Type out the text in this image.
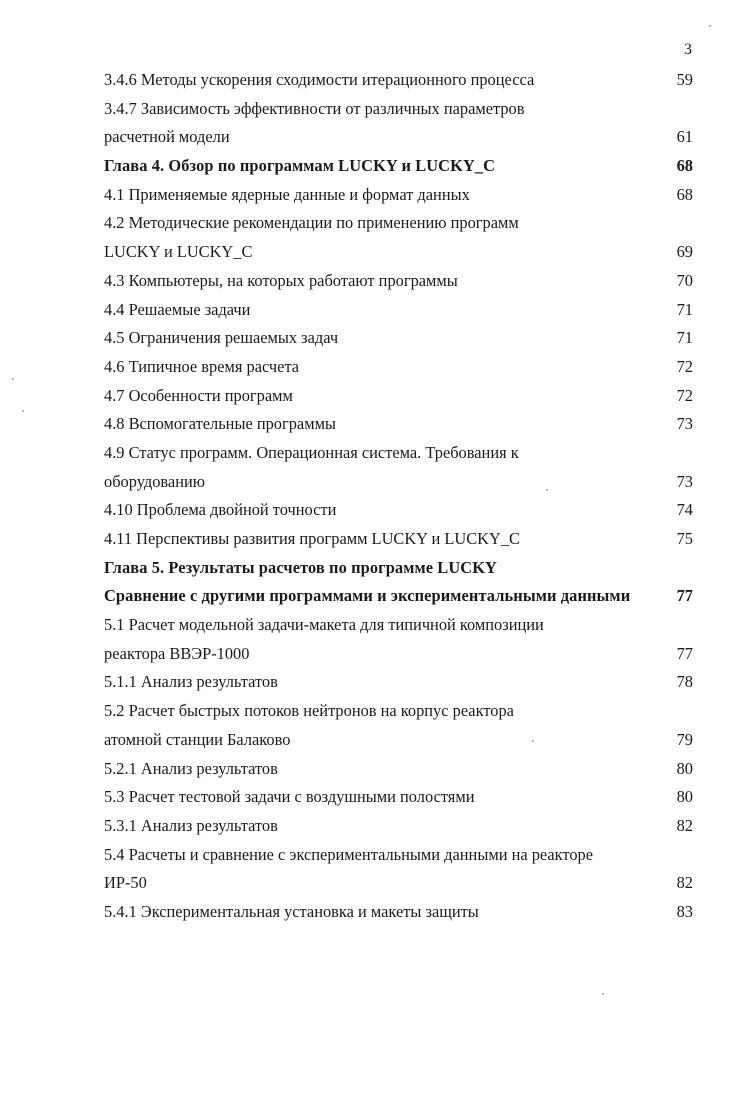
3
3.4.6 Методы ускорения сходимости итерационного процесса	59
3.4.7 Зависимость эффективности от различных параметров
расчетной модели	61
Глава 4. Обзор по программам LUCKY и LUCKY_C	68
4.1 Применяемые ядерные данные и формат данных	68
4.2 Методические рекомендации по применению программ
LUCKY и LUCKY_C	69
4.3 Компьютеры, на которых работают программы	70
4.4 Решаемые задачи	71
4.5 Ограничения решаемых задач	71
4.6 Типичное время расчета	72
4.7 Особенности программ	72
4.8 Вспомогательные программы	73
4.9 Статус программ. Операционная система. Требования к
оборудованию	73
4.10 Проблема двойной точности	74
4.11 Перспективы развития программ LUCKY и LUCKY_C	75
Глава 5. Результаты расчетов по программе LUCKY
Сравнение с другими программами и экспериментальными данными	77
5.1 Расчет модельной задачи-макета для типичной композиции
реактора ВВЭР-1000	77
5.1.1 Анализ результатов	78
5.2 Расчет быстрых потоков нейтронов на корпус реактора
атомной станции Балаково	79
5.2.1 Анализ результатов	80
5.3 Расчет тестовой задачи с воздушными полостями	80
5.3.1 Анализ результатов	82
5.4 Расчеты и сравнение с экспериментальными данными на реакторе
ИР-50	82
5.4.1 Экспериментальная установка и макеты защиты	83
